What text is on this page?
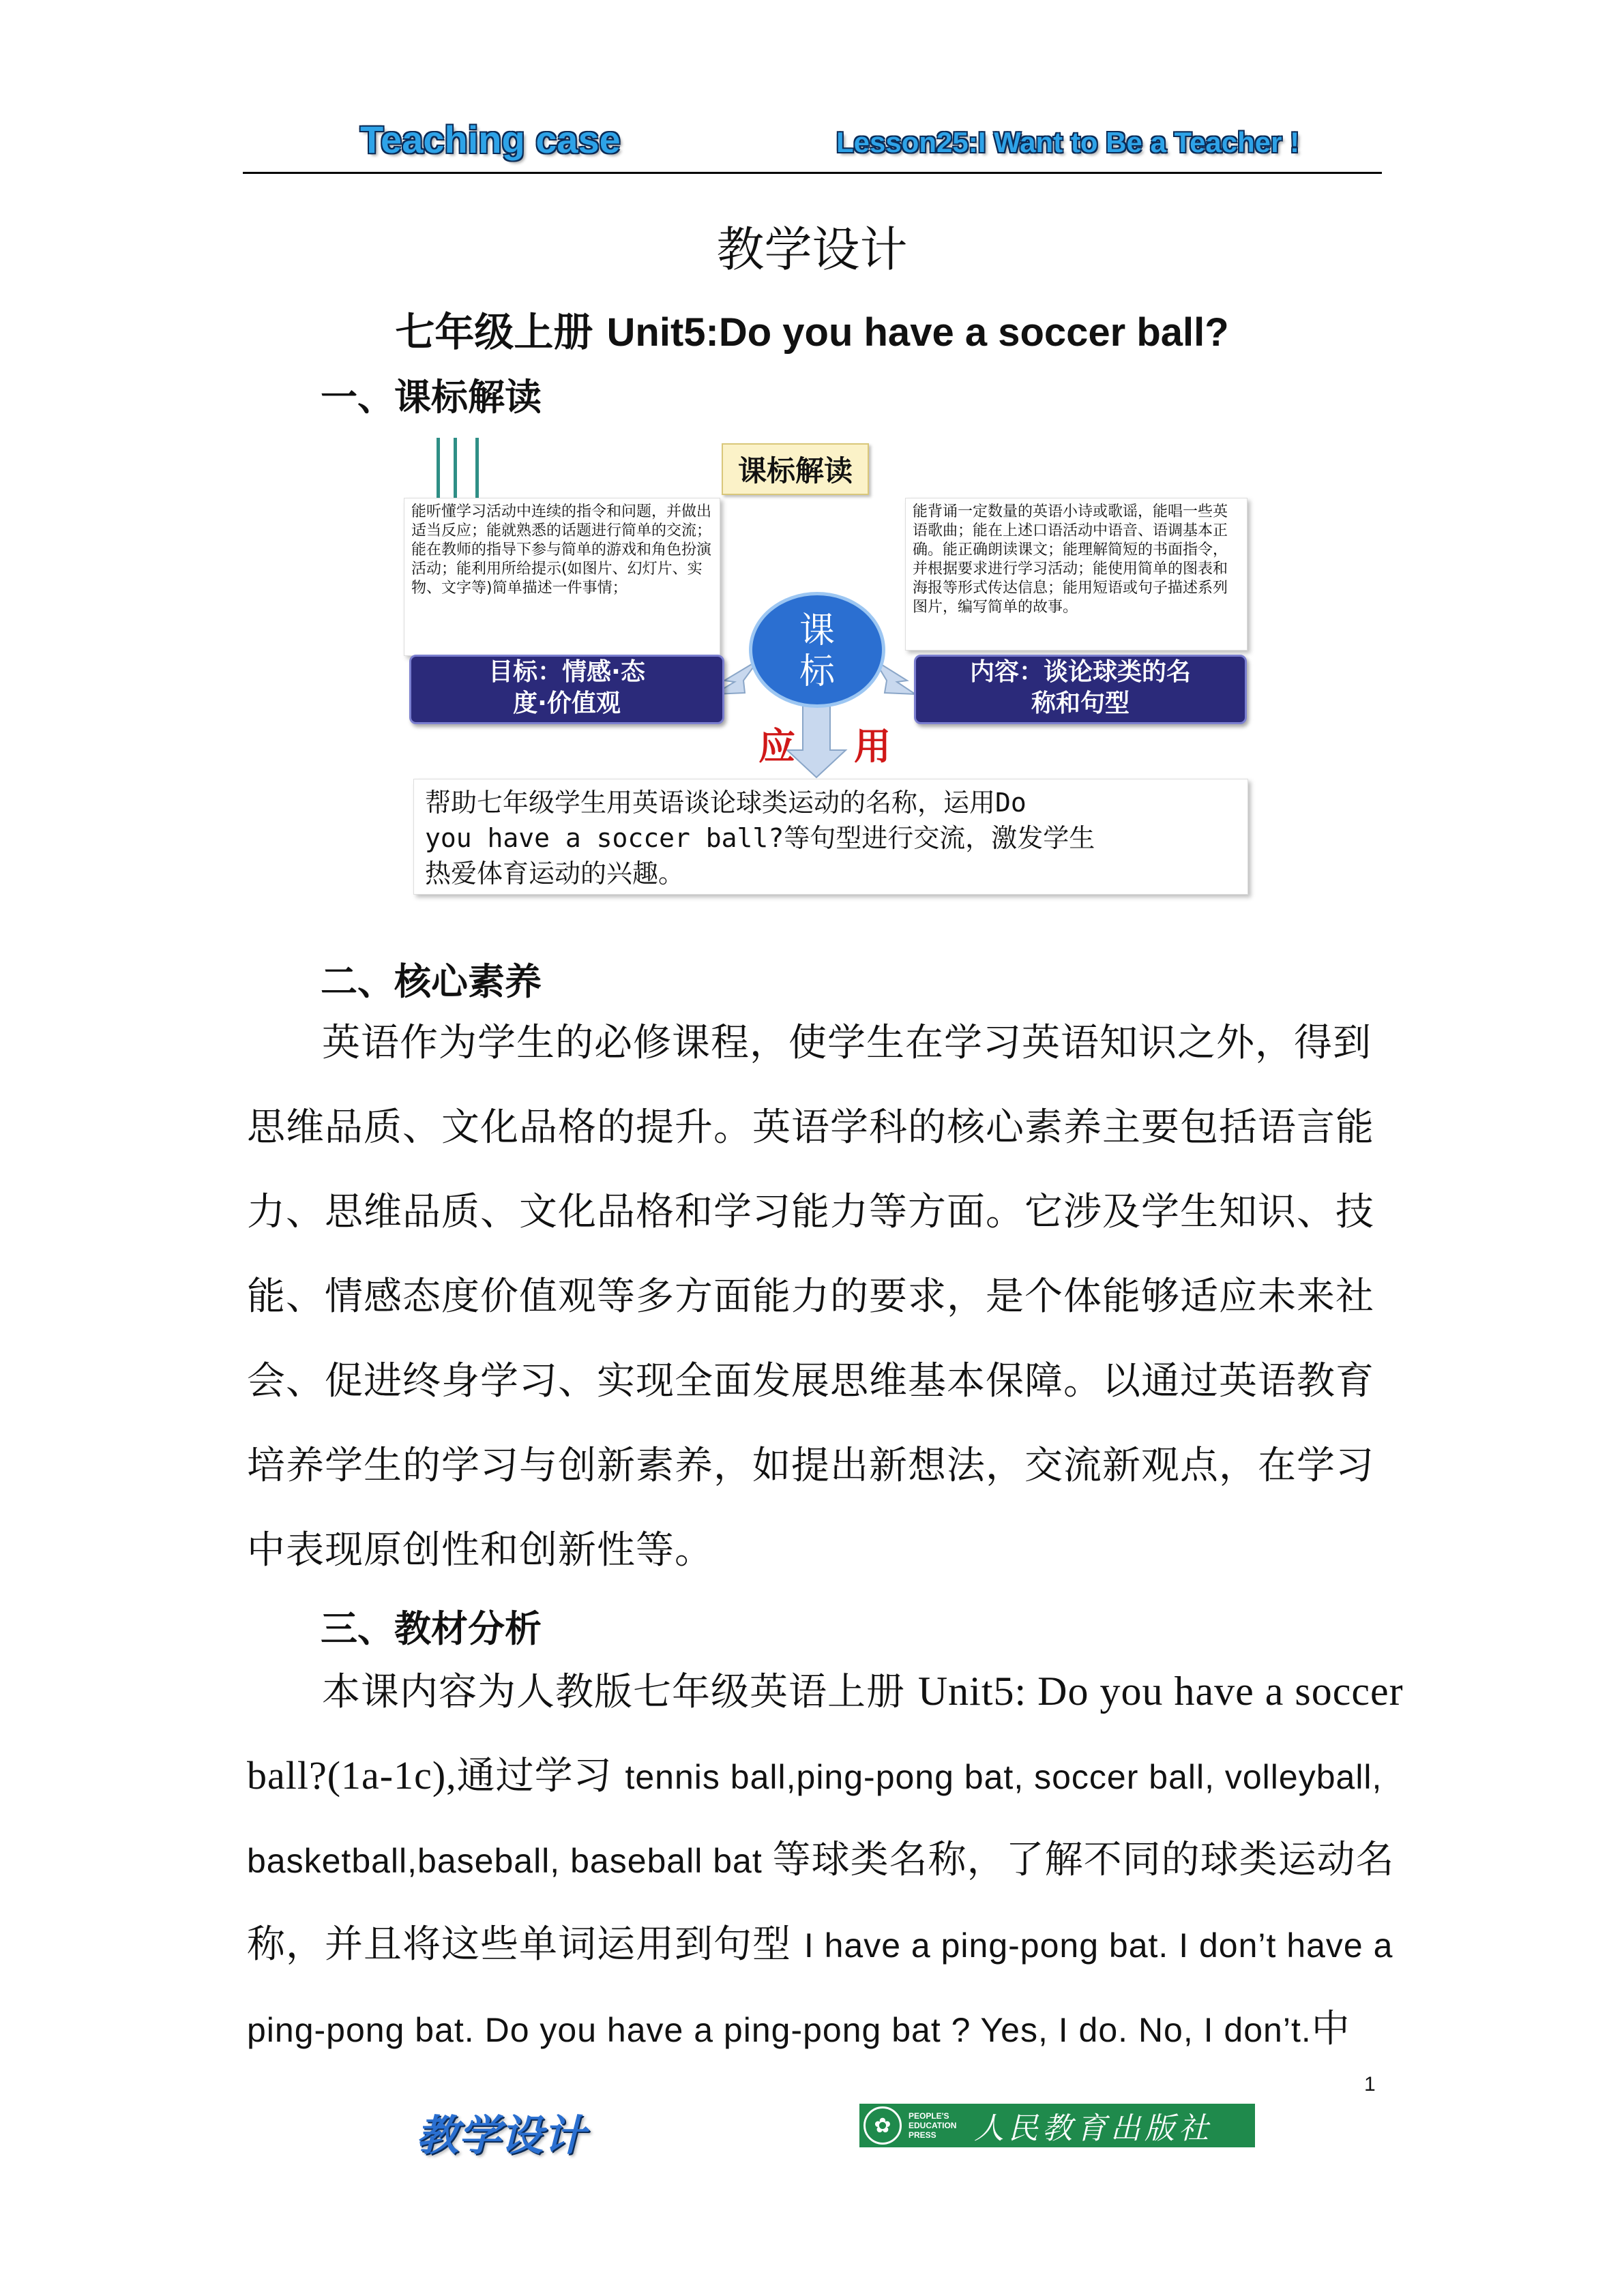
Teaching case	Lesson25:I Want to Be a Teacher !
教学设计
七年级上册 Unit5:Do you have a soccer ball?
一、课标解读
课标解读
能听懂学习活动中连续的指令和问题，并做出适当反应；能就熟悉的话题进行简单的交流；能在教师的指导下参与简单的游戏和角色扮演活动；能利用所给提示(如图片、幻灯片、实物、文字等)简单描述一件事情；
能背诵一定数量的英语小诗或歌谣，能唱一些英语歌曲；能在上述口语活动中语音、语调基本正确。能正确朗读课文；能理解简短的书面指令，并根据要求进行学习活动；能使用简单的图表和海报等形式传达信息；能用短语或句子描述系列图片，编写简单的故事。
课
标
目标：情感·态
度·价值观
内容：谈论球类的名
称和句型
应 用
帮助七年级学生用英语谈论球类运动的名称，运用Do
you have a soccer ball?等句型进行交流，激发学生
热爱体育运动的兴趣。
二、核心素养
英语作为学生的必修课程，使学生在学习英语知识之外，得到
思维品质、文化品格的提升。英语学科的核心素养主要包括语言能
力、思维品质、文化品格和学习能力等方面。它涉及学生知识、技
能、情感态度价值观等多方面能力的要求，是个体能够适应未来社
会、促进终身学习、实现全面发展思维基本保障。以通过英语教育
培养学生的学习与创新素养，如提出新想法，交流新观点，在学习
中表现原创性和创新性等。
三、教材分析
本课内容为人教版七年级英语上册 Unit5: Do you have a soccer
ball?(1a-1c),通过学习 tennis ball,ping-pong bat, soccer ball, volleyball,
basketball,baseball, baseball bat 等球类名称，了解不同的球类运动名
称，并且将这些单词运用到句型 I have a ping-pong bat. I don’t have a
ping-pong bat. Do you have a ping-pong bat ? Yes, I do. No, I don’t.中
1
教学设计	✿	PEOPLE'S EDUCATION PRESS	人民教育出版社
